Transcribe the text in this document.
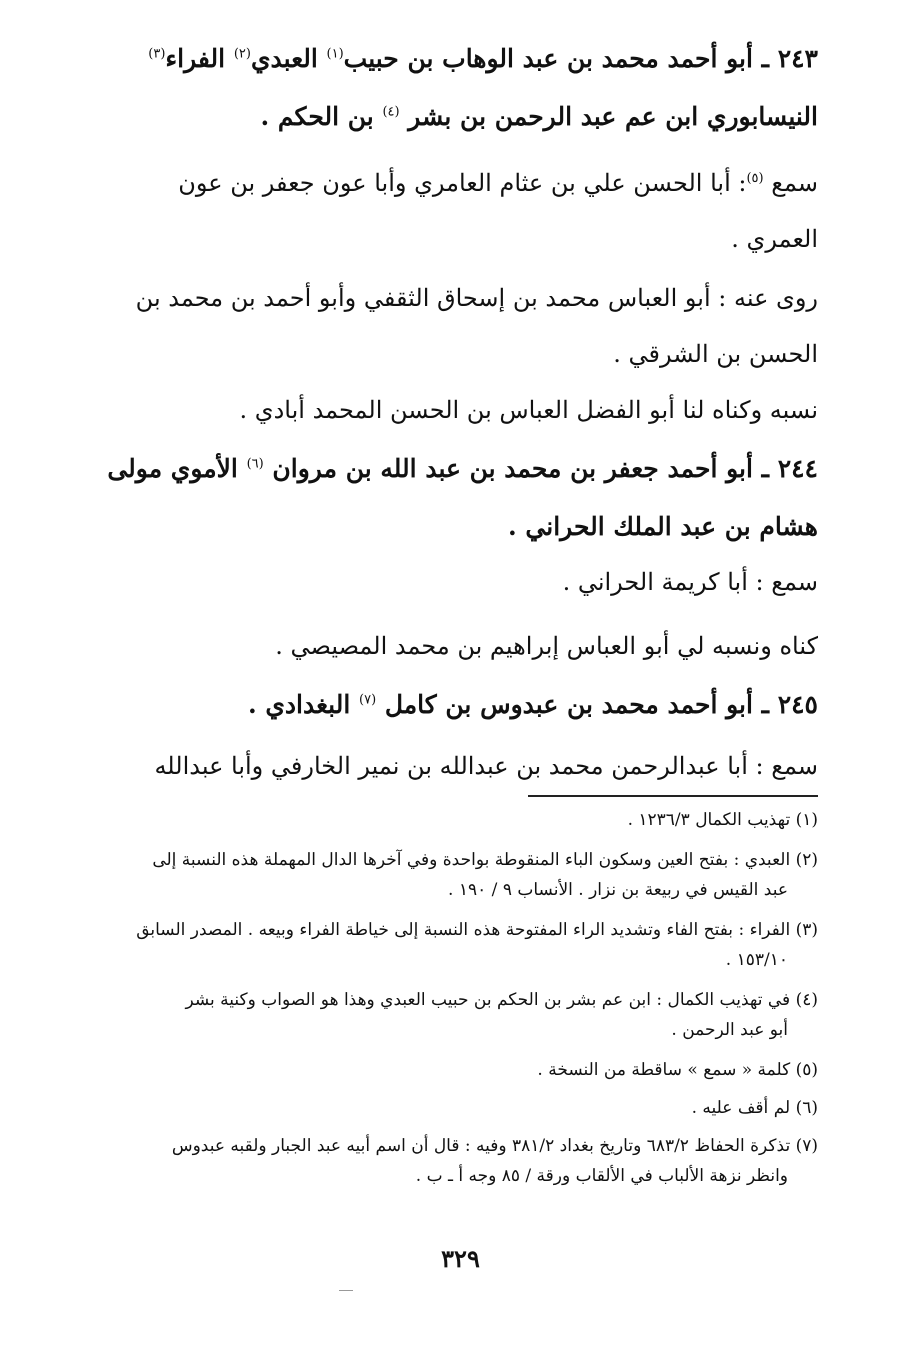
٢٤٣ ـ أبو أحمد محمد بن عبد الوهاب بن حبيب$^{(١)}$ العبدي$^{(٢)}$ الفراء$^{(٣)}$
النيسابوري ابن عم عبد الرحمن بن بشر $^{(٤)}$ بن الحكم .
سمع $^{(٥)}$: أبا الحسن علي بن عثام العامري وأبا عون جعفر بن عون
العمري .
روى عنه : أبو العباس محمد بن إسحاق الثقفي وأبو أحمد بن محمد بن
الحسن بن الشرقي .
نسبه وكناه لنا أبو الفضل العباس بن الحسن المحمد أبادي .
٢٤٤ ـ أبو أحمد جعفر بن محمد بن عبد الله بن مروان $^{(٦)}$ الأموي مولى
هشام بن عبد الملك الحراني .
سمع : أبا كريمة الحراني .
كناه ونسبه لي أبو العباس إبراهيم بن محمد المصيصي .
٢٤٥ ـ أبو أحمد محمد بن عبدوس بن كامل $^{(٧)}$ البغدادي .
سمع : أبا عبدالرحمن محمد بن عبدالله بن نمير الخارفي وأبا عبدالله
(١) تهذيب الكمال ١٢٣٦/٣ .
(٢) العبدي : بفتح العين وسكون الباء المنقوطة بواحدة وفي آخرها الدال المهملة هذه النسبة إلى
عبد القيس في ربيعة بن نزار . الأنساب ٩ / ١٩٠ .
(٣) الفراء : بفتح الفاء وتشديد الراء المفتوحة هذه النسبة إلى خياطة الفراء وبيعه . المصدر السابق
١٥٣/١٠ .
(٤) في تهذيب الكمال : ابن عم بشر بن الحكم بن حبيب العبدي وهذا هو الصواب وكنية بشر
أبو عبد الرحمن .
(٥) كلمة « سمع » ساقطة من النسخة .
(٦) لم أقف عليه .
(٧) تذكرة الحفاظ ٦٨٣/٢ وتاريخ بغداد ٣٨١/٢ وفيه : قال أن اسم أبيه عبد الجبار ولقبه عبدوس
وانظر نزهة الألباب في الألقاب ورقة / ٨٥ وجه أ ـ ب .
٣٢٩
